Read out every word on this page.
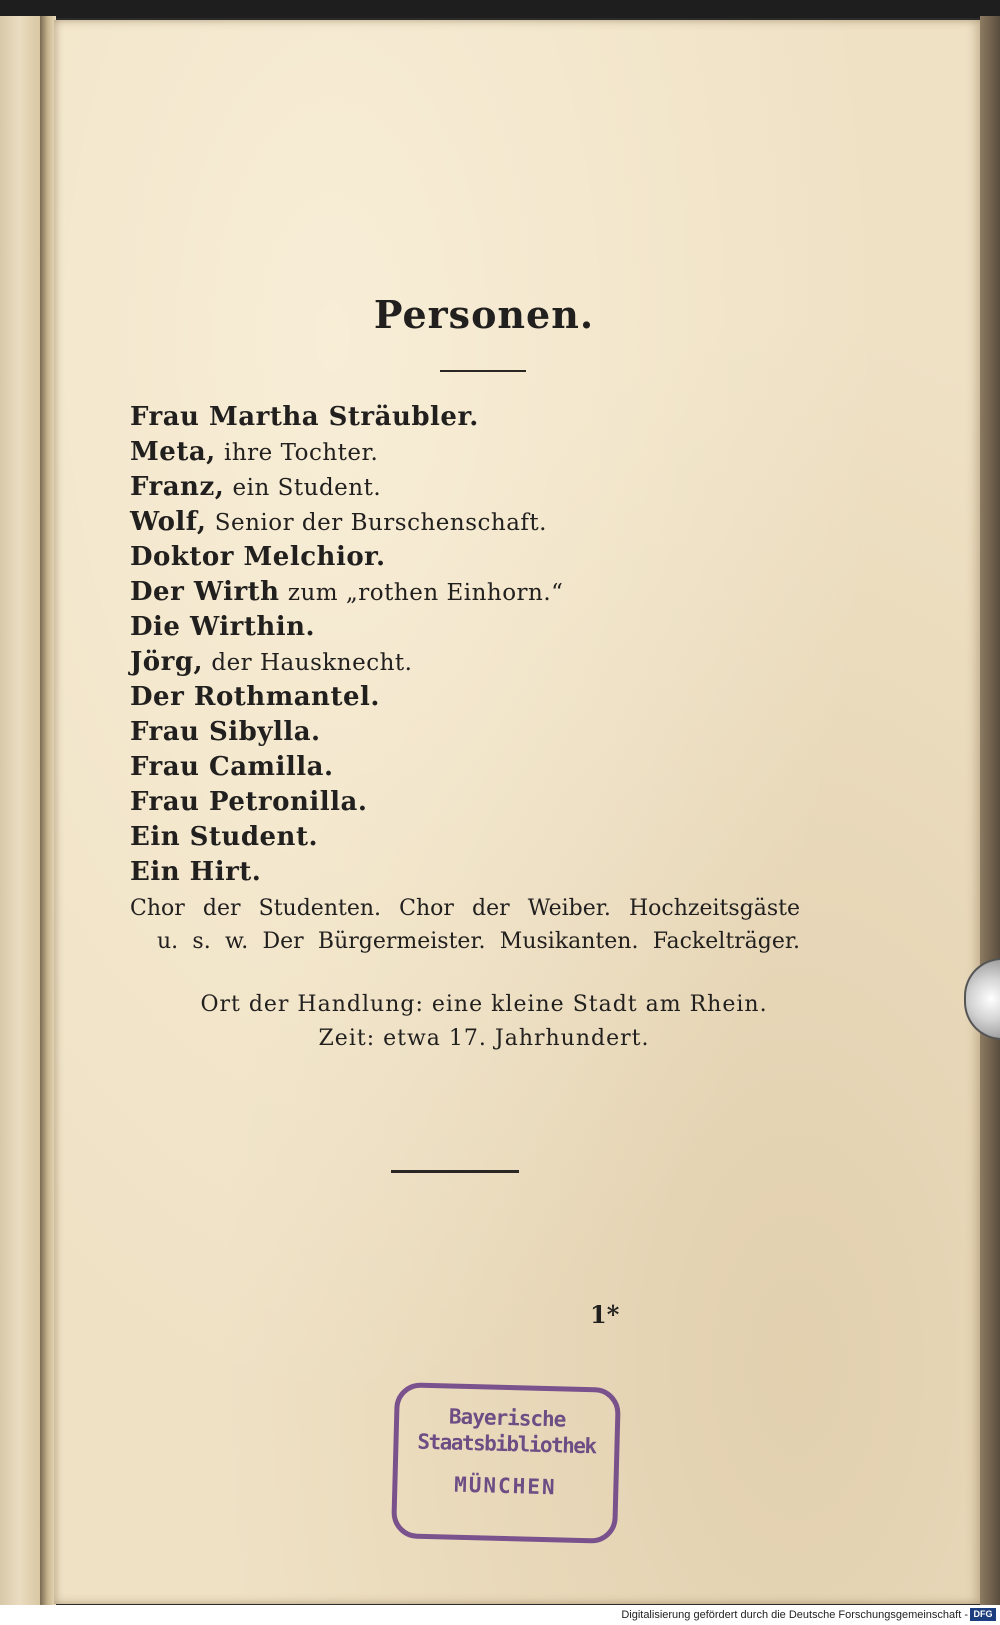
Personen.
Frau Martha Sträubler.
Meta, ihre Tochter.
Franz, ein Student.
Wolf, Senior der Burschenschaft.
Doktor Melchior.
Der Wirth zum „rothen Einhorn.“
Die Wirthin.
Jörg, der Hausknecht.
Der Rothmantel.
Frau Sibylla.
Frau Camilla.
Frau Petronilla.
Ein Student.
Ein Hirt.
Chor der Studenten. Chor der Weiber. Hochzeitsgäste
u. s. w. Der Bürgermeister. Musikanten. Fackelträger.
Ort der Handlung: eine kleine Stadt am Rhein.
Zeit: etwa 17. Jahrhundert.
1*
Bayerische
Staatsbibliothek
MÜNCHEN
Digitalisierung gefördert durch die Deutsche Forschungsgemeinschaft - DFG
